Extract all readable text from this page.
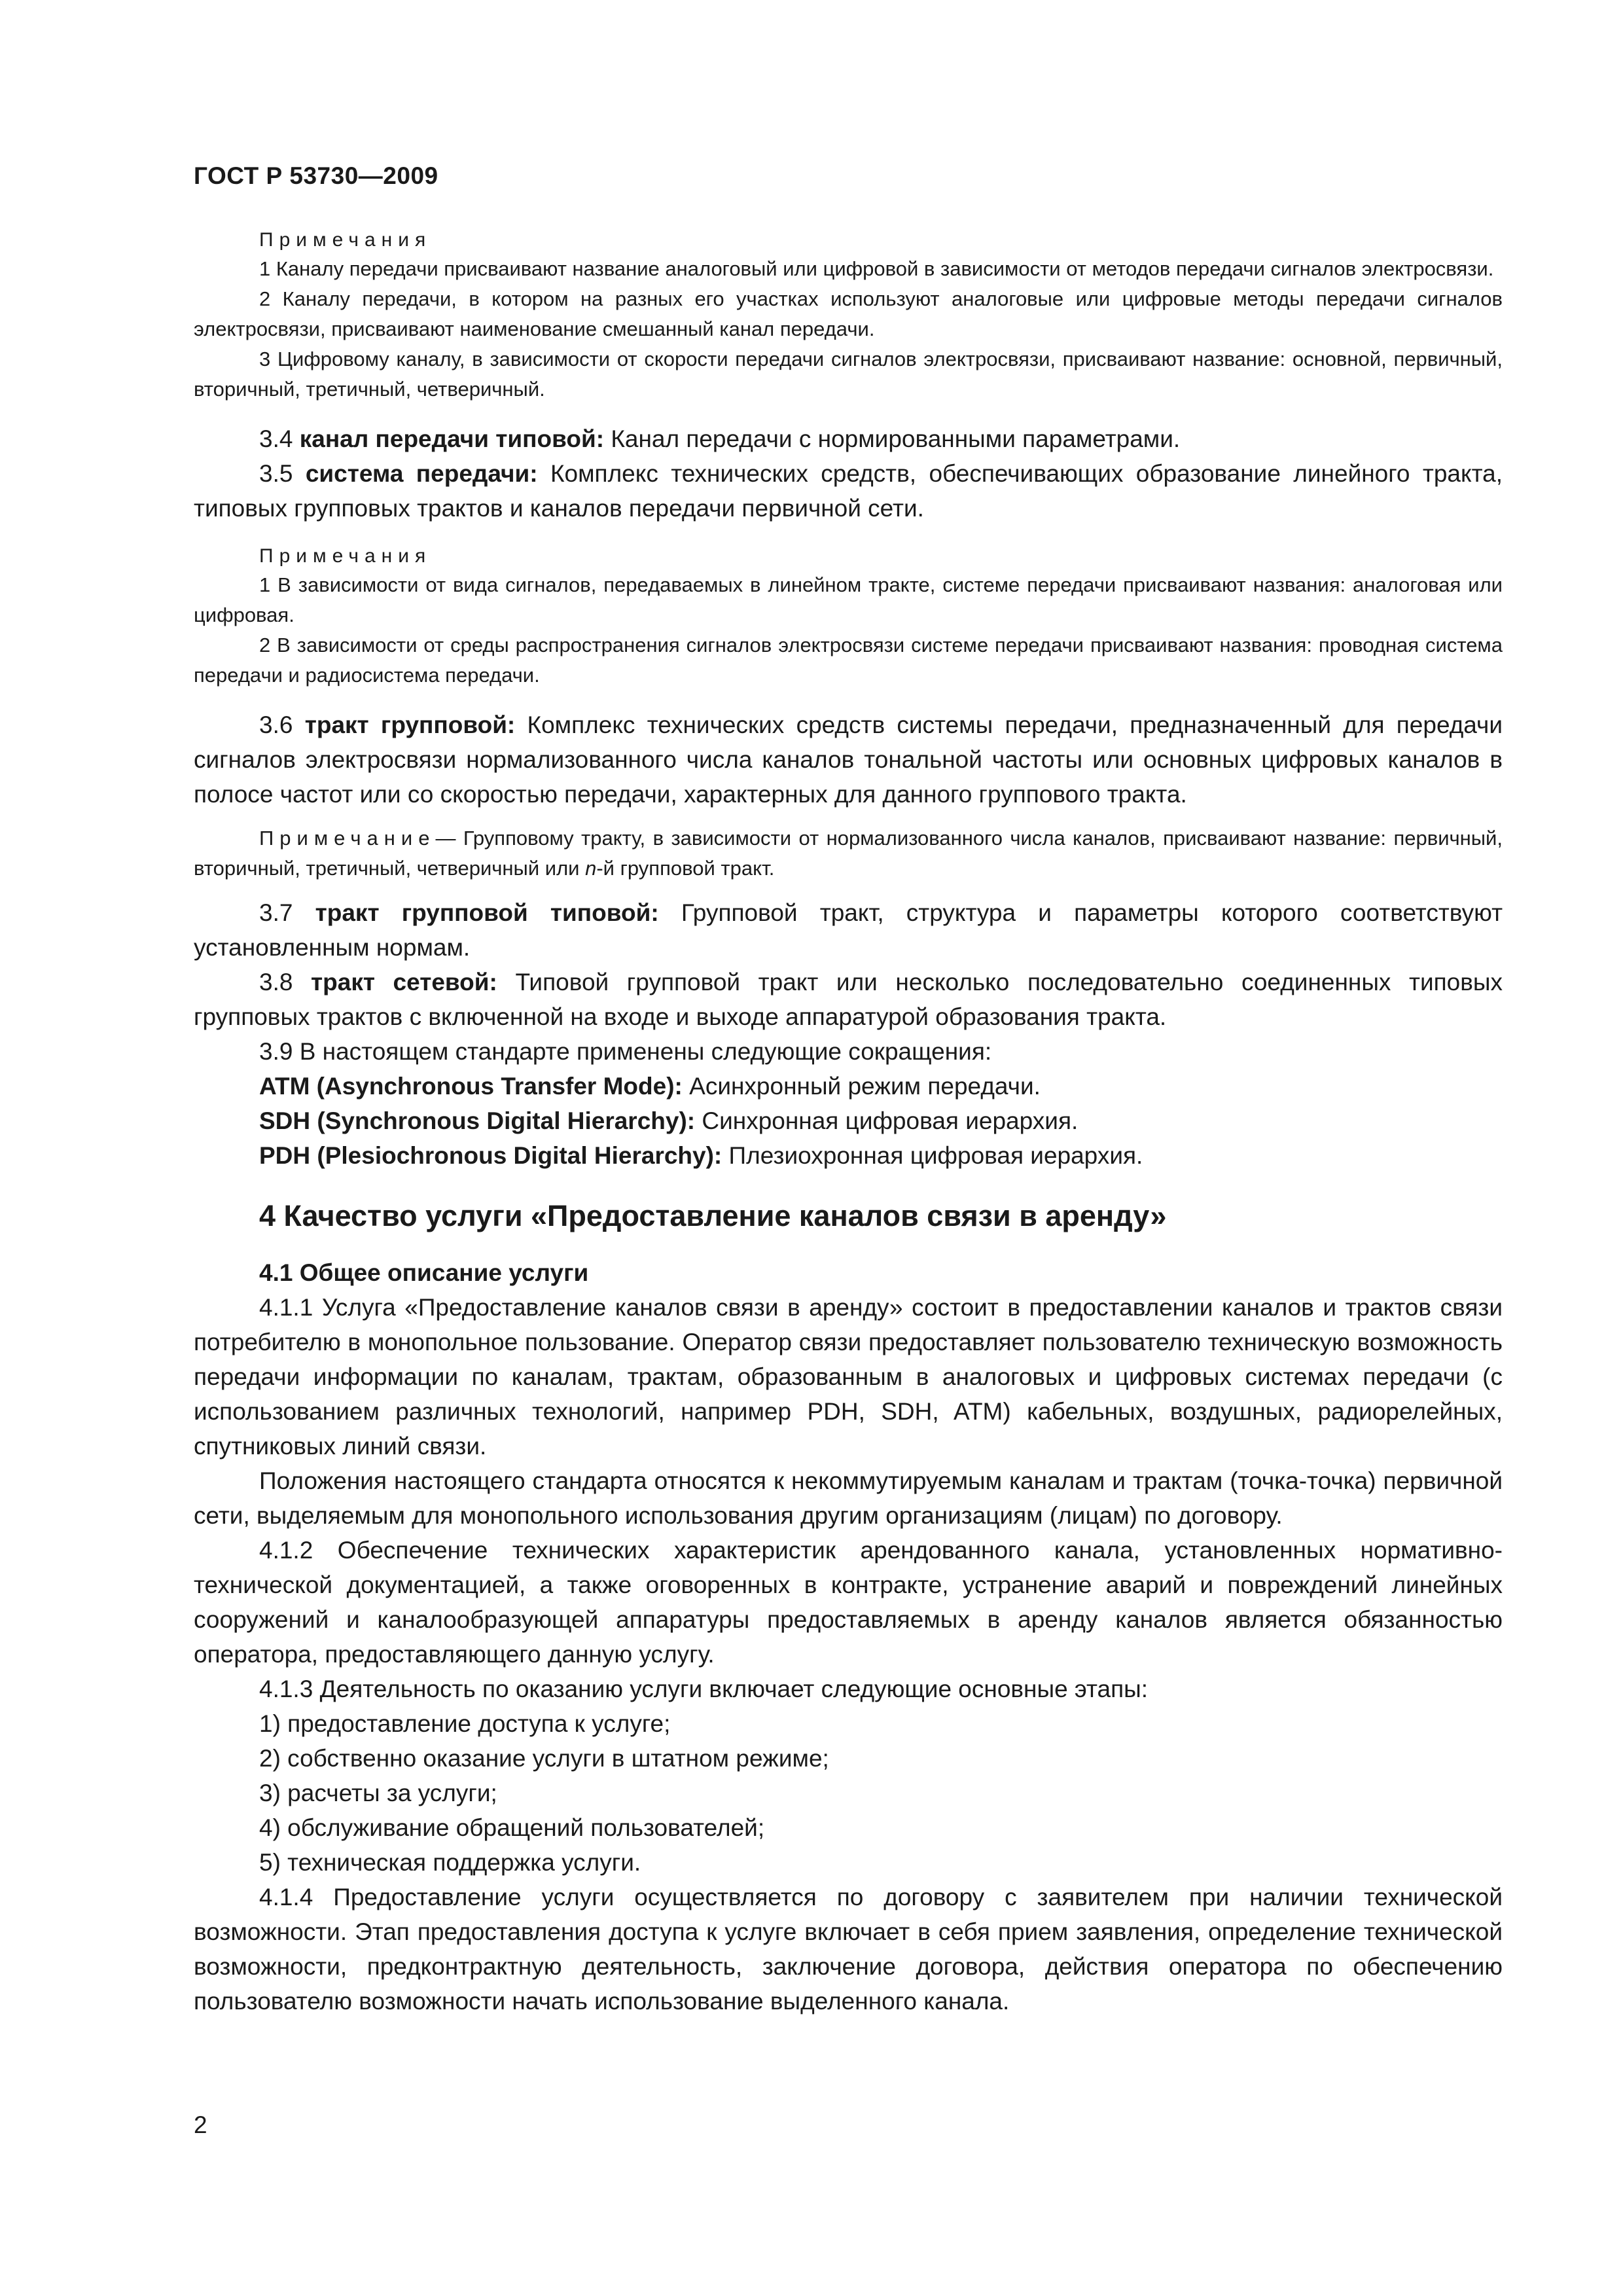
ГОСТ Р 53730—2009
Примечания

1 Каналу передачи присваивают название аналоговый или цифровой в зависимости от методов передачи сигналов электросвязи.

2 Каналу передачи, в котором на разных его участках используют аналоговые или цифровые методы передачи сигналов электросвязи, присваивают наименование смешанный канал передачи.

3 Цифровому каналу, в зависимости от скорости передачи сигналов электросвязи, присваивают название: основной, первичный, вторичный, третичный, четверичный.

3.4 канал передачи типовой: Канал передачи с нормированными параметрами.

3.5 система передачи: Комплекс технических средств, обеспечивающих образование линейного тракта, типовых групповых трактов и каналов передачи первичной сети.

Примечания

1 В зависимости от вида сигналов, передаваемых в линейном тракте, системе передачи присваивают названия: аналоговая или цифровая.

2 В зависимости от среды распространения сигналов электросвязи системе передачи присваивают названия: проводная система передачи и радиосистема передачи.

3.6 тракт групповой: Комплекс технических средств системы передачи, предназначенный для передачи сигналов электросвязи нормализованного числа каналов тональной частоты или основных цифровых каналов в полосе частот или со скоростью передачи, характерных для данного группового тракта.

Примечание— Групповому тракту, в зависимости от нормализованного числа каналов, присваивают название: первичный, вторичный, третичный, четверичный или n-й групповой тракт.

3.7 тракт групповой типовой: Групповой тракт, структура и параметры которого соответствуют установленным нормам.

3.8 тракт сетевой: Типовой групповой тракт или несколько последовательно соединенных типовых групповых трактов с включенной на входе и выходе аппаратурой образования тракта.

3.9 В настоящем стандарте применены следующие сокращения:

ATM (Asynchronous Transfer Mode): Асинхронный режим передачи.

SDH (Synchronous Digital Hierarchy): Синхронная цифровая иерархия.

PDH (Plesiochronous Digital Hierarchy): Плезиохронная цифровая иерархия.

4 Качество услуги «Предоставление каналов связи в аренду»
4.1 Общее описание услуги

4.1.1 Услуга «Предоставление каналов связи в аренду» состоит в предоставлении каналов и трактов связи потребителю в монопольное пользование. Оператор связи предоставляет пользователю техническую возможность передачи информации по каналам, трактам, образованным в аналоговых и цифровых системах передачи (с использованием различных технологий, например PDH, SDH, ATM) кабельных, воздушных, радиорелейных, спутниковых линий связи.

Положения настоящего стандарта относятся к некоммутируемым каналам и трактам (точка-точка) первичной сети, выделяемым для монопольного использования другим организациям (лицам) по договору.

4.1.2 Обеспечение технических характеристик арендованного канала, установленных нормативно-технической документацией, а также оговоренных в контракте, устранение аварий и повреждений линейных сооружений и каналообразующей аппаратуры предоставляемых в аренду каналов является обязанностью оператора, предоставляющего данную услугу.

4.1.3 Деятельность по оказанию услуги включает следующие основные этапы:

1) предоставление доступа к услуге;
2) собственно оказание услуги в штатном режиме;
3) расчеты за услуги;
4) обслуживание обращений пользователей;
5) техническая поддержка услуги.

4.1.4 Предоставление услуги осуществляется по договору с заявителем при наличии технической возможности. Этап предоставления доступа к услуге включает в себя прием заявления, определение технической возможности, предконтрактную деятельность, заключение договора, действия оператора по обеспечению пользователю возможности начать использование выделенного канала.

2
